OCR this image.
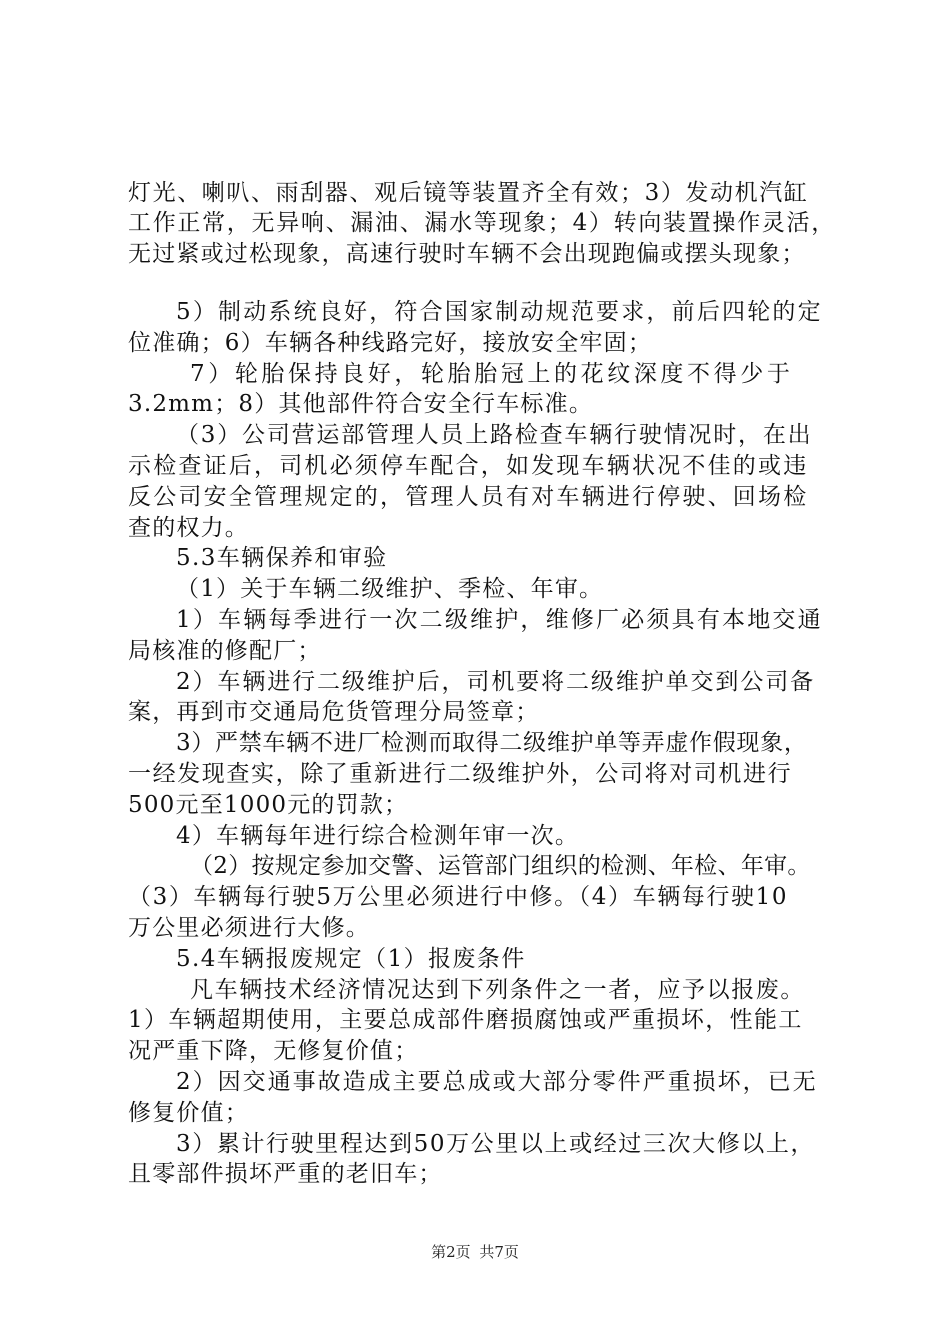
灯光、喇叭、雨刮器、观后镜等装置齐全有效；3）发动机汽缸
工作正常，无异响、漏油、漏水等现象；4）转向装置操作灵活，
无过紧或过松现象，高速行驶时车辆不会出现跑偏或摆头现象；
5）制动系统良好，符合国家制动规范要求，前后四轮的定
位准确；6）车辆各种线路完好，接放安全牢固；
7）轮胎保持良好，轮胎胎冠上的花纹深度不得少于
3.2mm；8）其他部件符合安全行车标准。
（3）公司营运部管理人员上路检查车辆行驶情况时，在出
示检查证后，司机必须停车配合，如发现车辆状况不佳的或违
反公司安全管理规定的，管理人员有对车辆进行停驶、回场检
查的权力。
5.3车辆保养和审验
（1）关于车辆二级维护、季检、年审。
1）车辆每季进行一次二级维护，维修厂必须具有本地交通
局核准的修配厂；
2）车辆进行二级维护后，司机要将二级维护单交到公司备
案，再到市交通局危货管理分局签章；
3）严禁车辆不进厂检测而取得二级维护单等弄虚作假现象，
一经发现查实，除了重新进行二级维护外，公司将对司机进行
500元至1000元的罚款；
4）车辆每年进行综合检测年审一次。
（2）按规定参加交警、运管部门组织的检测、年检、年审。
（3）车辆每行驶5万公里必须进行中修。（4）车辆每行驶10
万公里必须进行大修。
5.4车辆报废规定（1）报废条件
凡车辆技术经济情况达到下列条件之一者，应予以报废。
1）车辆超期使用，主要总成部件磨损腐蚀或严重损坏，性能工
况严重下降，无修复价值；
2）因交通事故造成主要总成或大部分零件严重损坏，已无
修复价值；
3）累计行驶里程达到50万公里以上或经过三次大修以上，
且零部件损坏严重的老旧车；
第2页 共7页
